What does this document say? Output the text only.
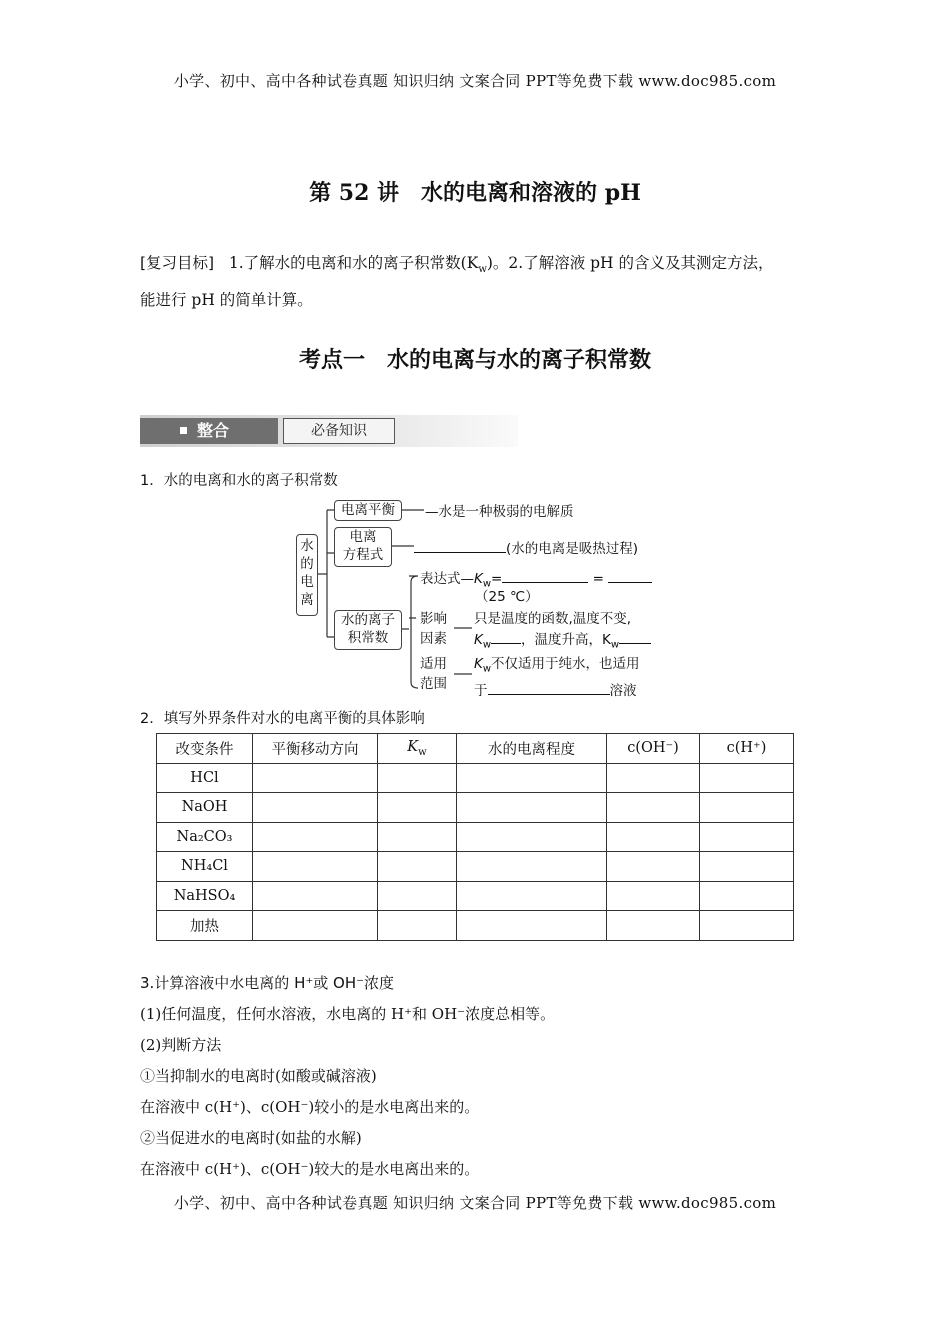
小学、初中、高中各种试卷真题 知识归纳 文案合同 PPT等免费下载 www.doc985.com
第 52 讲　水的电离和溶液的 pH
[复习目标] 1.了解水的电离和水的离子积常数$(K_w)$。2.了解溶液 pH 的含义及其测定方法，
能进行 pH 的简单计算。
考点一　水的电离与水的离子积常数
整合	必备知识
1．水的电离和水的离子积常数
水
的
电
离
电离平衡	—水是一种极弱的电解质
电离
方程式	(水的电离是吸热过程)
水的离子
积常数
表达式$—K_w=$	=
（25 ℃）
影响
因素
只是温度的函数,温度不变,
$K_w$ ，温度升高，$K_w$
适用
范围
$K_w$不仅适用于纯水，也适用
于	溶液
2．填写外界条件对水的电离平衡的具体影响
改变条件	平衡移动方向	$K_w$	水的电离程度	c(OH⁻)	c(H⁺)
HCl					
NaOH					
Na₂CO₃					
NH₄Cl					
NaHSO₄					
加热					
3.计算溶液中水电离的 H⁺或 OH⁻浓度
(1)任何温度，任何水溶液，水电离的 H⁺和 OH⁻浓度总相等。
(2)判断方法
①当抑制水的电离时(如酸或碱溶液)
在溶液中 c(H⁺)、c(OH⁻)较小的是水电离出来的。
②当促进水的电离时(如盐的水解)
在溶液中 c(H⁺)、c(OH⁻)较大的是水电离出来的。
小学、初中、高中各种试卷真题 知识归纳 文案合同 PPT等免费下载 www.doc985.com
